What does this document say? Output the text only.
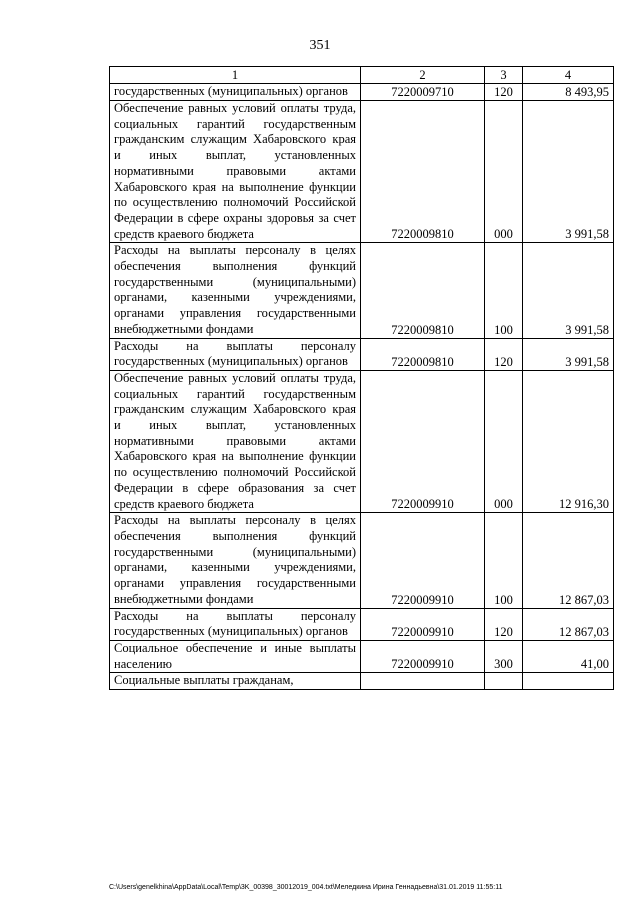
351
1	2	3	4
государственных (муниципальных) органов	7220009710	120	8 493,95
Обеспечение равных условий оплаты труда, социальных гарантий государственным гражданским служащим Хабаровского края и иных выплат, установленных нормативными правовыми актами Хабаровского края на выполнение функции по осуществлению полномочий Российской Федерации в сфере охраны здоровья за счет средств краевого бюджета	7220009810	000	3 991,58
Расходы на выплаты персоналу в целях обеспечения выполнения функций государственными (муниципальными) органами, казенными учреждениями, органами управления государственными внебюджетными фондами	7220009810	100	3 991,58
Расходы на выплаты персоналу государственных (муниципальных) органов	7220009810	120	3 991,58
Обеспечение равных условий оплаты труда, социальных гарантий государственным гражданским служащим Хабаровского края и иных выплат, установленных нормативными правовыми актами Хабаровского края на выполнение функции по осуществлению полномочий Российской Федерации в сфере образования за счет средств краевого бюджета	7220009910	000	12 916,30
Расходы на выплаты персоналу в целях обеспечения выполнения функций государственными (муниципальными) органами, казенными учреждениями, органами управления государственными внебюджетными фондами	7220009910	100	12 867,03
Расходы на выплаты персоналу государственных (муниципальных) органов	7220009910	120	12 867,03
Социальное обеспечение и иные выплаты населению	7220009910	300	41,00
Социальные выплаты гражданам,			
C:\Users\genelkhina\AppData\Local\Temp\3K_00398_30012019_004.txt\Меледкина Ирина Геннадьевна\31.01.2019 11:55:11
